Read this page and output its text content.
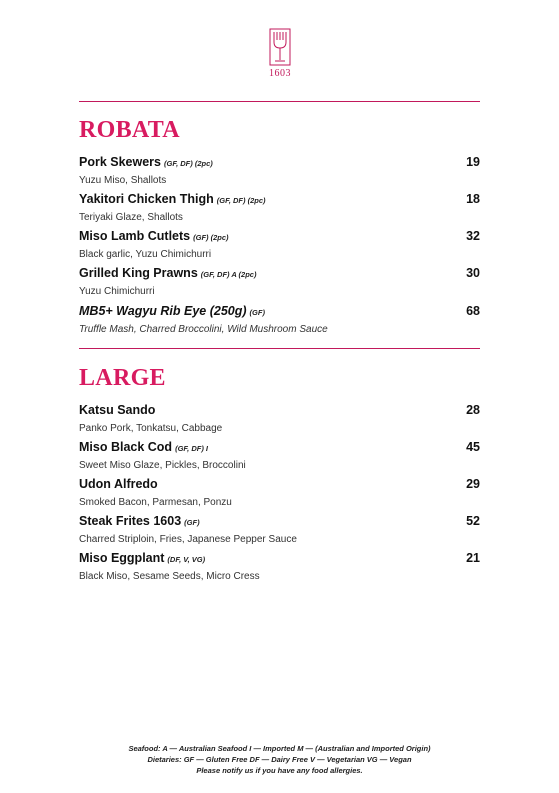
1603
ROBATA
Pork Skewers (GF, DF) (2pc)	19
Yuzu Miso, Shallots
Yakitori Chicken Thigh (GF, DF) (2pc)	18
Teriyaki Glaze, Shallots
Miso Lamb Cutlets (GF) (2pc)	32
Black garlic, Yuzu Chimichurri
Grilled King Prawns (GF, DF) A (2pc)	30
Yuzu Chimichurri
MB5+ Wagyu Rib Eye (250g) (GF)	68
Truffle Mash, Charred Broccolini, Wild Mushroom Sauce
LARGE
Katsu Sando	28
Panko Pork, Tonkatsu, Cabbage
Miso Black Cod (GF, DF) I	45
Sweet Miso Glaze, Pickles, Broccolini
Udon Alfredo	29
Smoked Bacon, Parmesan, Ponzu
Steak Frites 1603 (GF)	52
Charred Striploin, Fries, Japanese Pepper Sauce
Miso Eggplant (DF, V, VG)	21
Black Miso, Sesame Seeds, Micro Cress
Seafood: A — Australian Seafood I — Imported M — (Australian and Imported Origin)
Dietaries: GF — Gluten Free DF — Dairy Free V — Vegetarian VG — Vegan
Please notify us if you have any food allergies.
